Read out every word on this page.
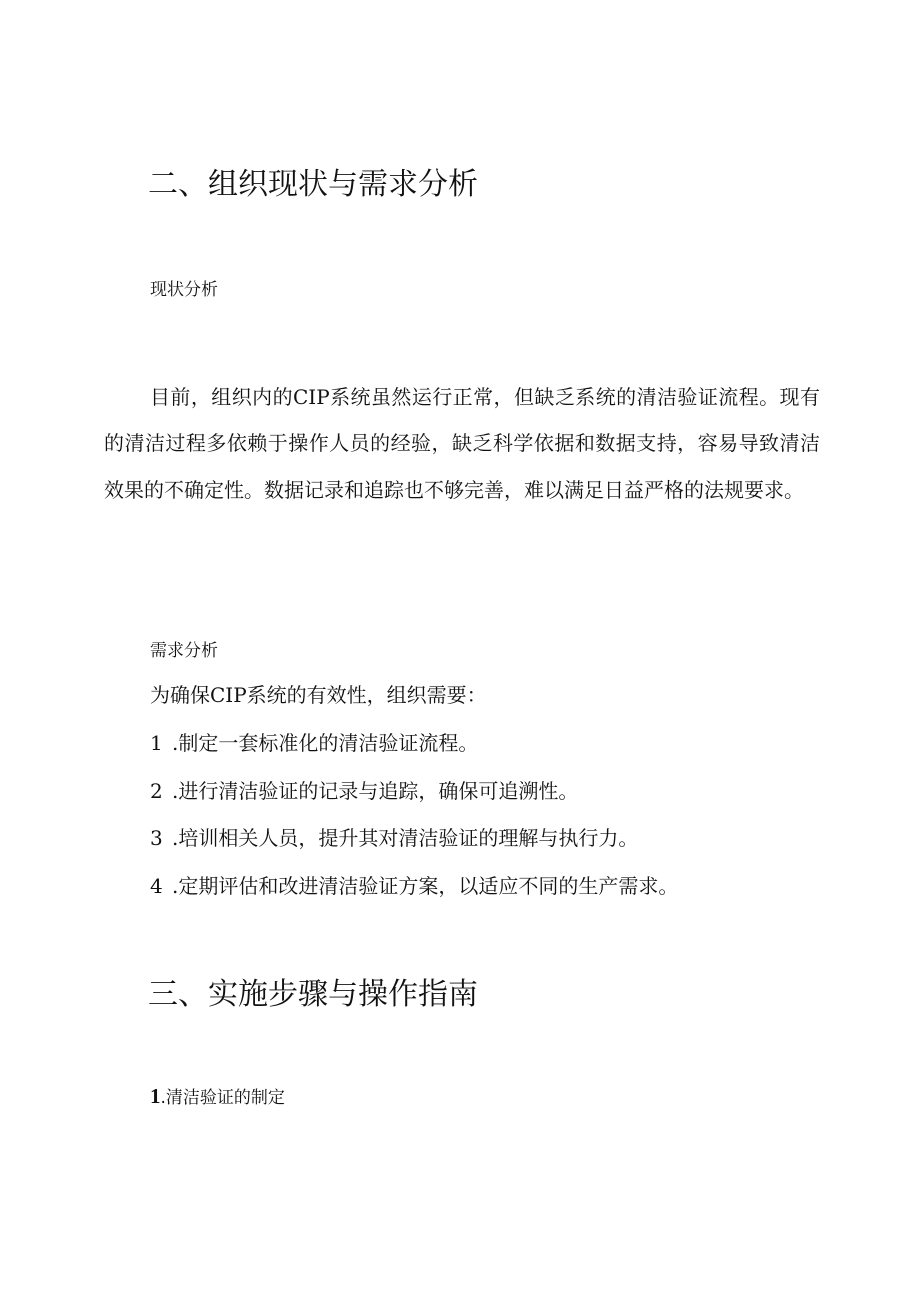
二、组织现状与需求分析
现状分析

目前，组织内的CIP系统虽然运行正常，但缺乏系统的清洁验证流程。现有的清洁过程多依赖于操作人员的经验，缺乏科学依据和数据支持，容易导致清洁效果的不确定性。数据记录和追踪也不够完善，难以满足日益严格的法规要求。

需求分析

为确保CIP系统的有效性，组织需要：

1 .制定一套标准化的清洁验证流程。
2 .进行清洁验证的记录与追踪，确保可追溯性。
3 .培训相关人员，提升其对清洁验证的理解与执行力。
4 .定期评估和改进清洁验证方案，以适应不同的生产需求。
三、实施步骤与操作指南
1.清洁验证的制定
